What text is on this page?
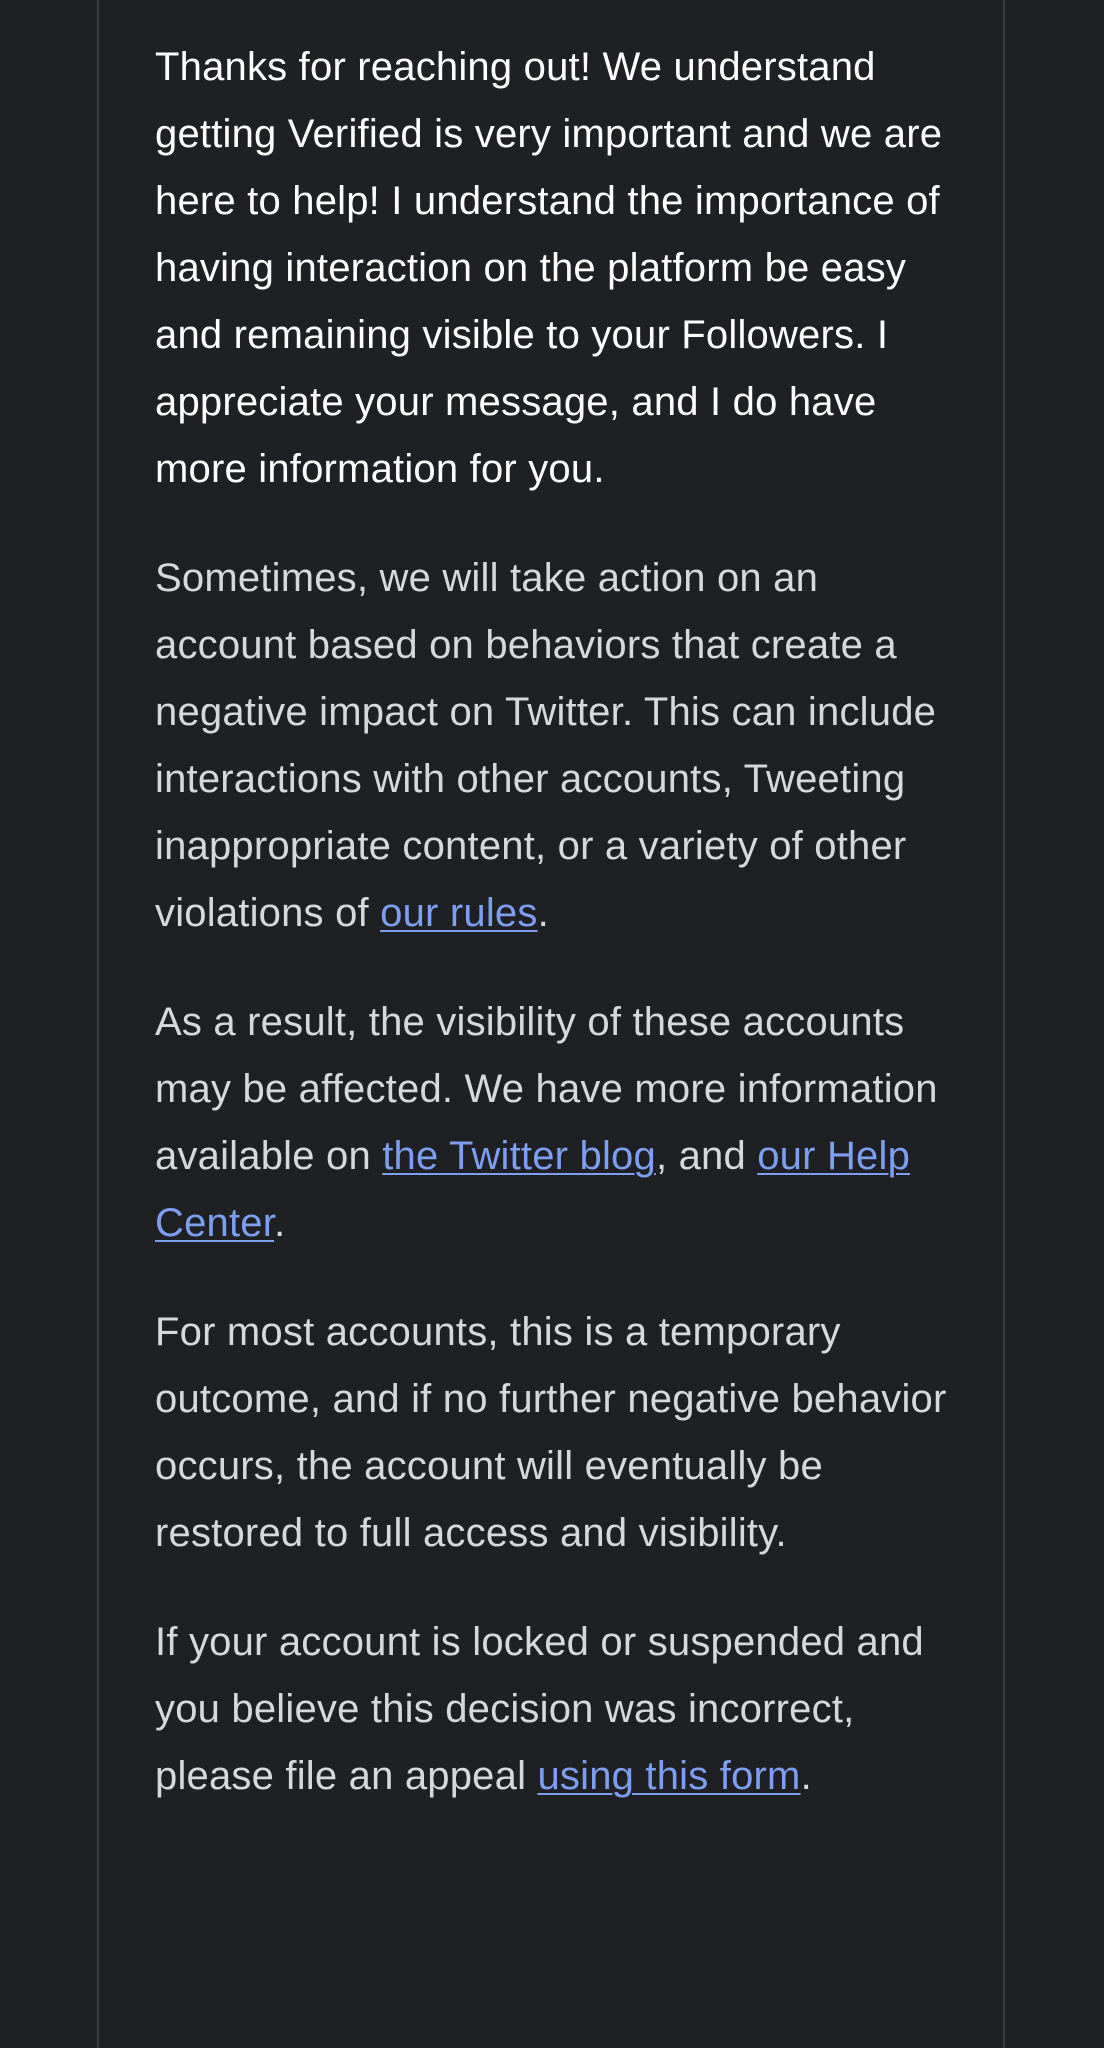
Thanks for reaching out! We understand getting Verified is very important and we are here to help! I understand the importance of having interaction on the platform be easy and remaining visible to your Followers. I appreciate your message, and I do have more information for you.

Sometimes, we will take action on an account based on behaviors that create a negative impact on Twitter. This can include interactions with other accounts, Tweeting inappropriate content, or a variety of other violations of our rules.

As a result, the visibility of these accounts may be affected. We have more information available on the Twitter blog, and our Help Center.

For most accounts, this is a temporary outcome, and if no further negative behavior occurs, the account will eventually be restored to full access and visibility.

If your account is locked or suspended and you believe this decision was incorrect, please file an appeal using this form.
